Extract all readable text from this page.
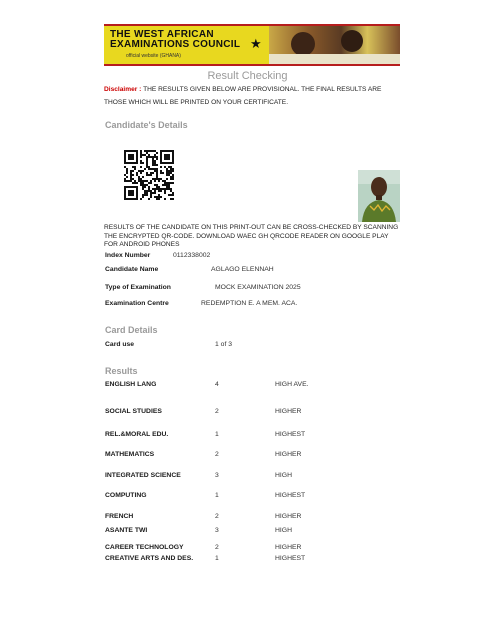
THE WEST AFRICAN
EXAMINATIONS COUNCIL
official website (GHANA)
★
Result Checking
Disclaimer : THE RESULTS GIVEN BELOW ARE PROVISIONAL. THE FINAL RESULTS ARE THOSE WHICH WILL BE PRINTED ON YOUR CERTIFICATE.
Candidate's Details
RESULTS OF THE CANDIDATE ON THIS PRINT-OUT CAN BE CROSS-CHECKED BY SCANNING THE ENCRYPTED QR-CODE. DOWNLOAD WAEC GH QRCODE READER ON GOOGLE PLAY FOR ANDROID PHONES
Index Number	0112338002
Candidate Name	AGLAGO ELENNAH
Type of Examination	MOCK EXAMINATION 2025
Examination Centre	REDEMPTION E. A MEM. ACA.
Card Details
Card use	1 of 3
Results
ENGLISH LANG	4	HIGH AVE.
SOCIAL STUDIES	2	HIGHER
REL.&MORAL EDU.	1	HIGHEST
MATHEMATICS	2	HIGHER
INTEGRATED SCIENCE	3	HIGH
COMPUTING	1	HIGHEST
FRENCH	2	HIGHER
ASANTE TWI	3	HIGH
CAREER TECHNOLOGY	2	HIGHER
CREATIVE ARTS AND DES.	1	HIGHEST
